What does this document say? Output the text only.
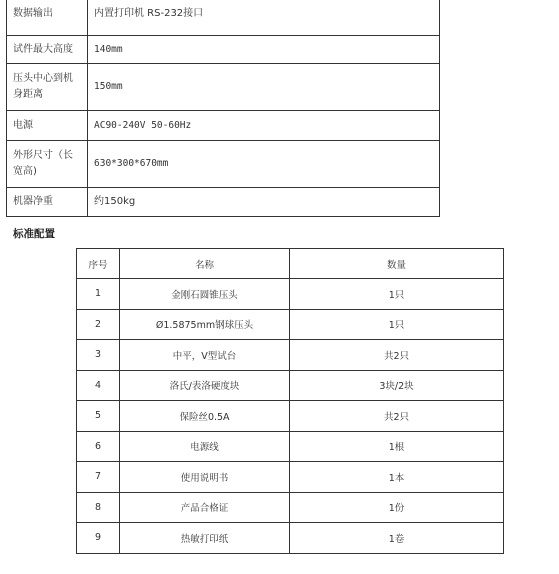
数据输出	内置打印机 RS-232接口
试件最大高度	140mm
压头中心到机身距离	150mm
电源	AC90-240V 50-60Hz
外形尺寸（长宽高)	630*300*670mm
机器净重	约150kg

标准配置

序号	名称	数量
1	金刚石圆锥压头	1只
2	Ø1.5875mm钢球压头	1只
3	中平，V型试台	共2只
4	洛氏/表洛硬度块	3块/2块
5	保险丝0.5A	共2只
6	电源线	1根
7	使用说明书	1本
8	产品合格证	1份
9	热敏打印纸	1卷
